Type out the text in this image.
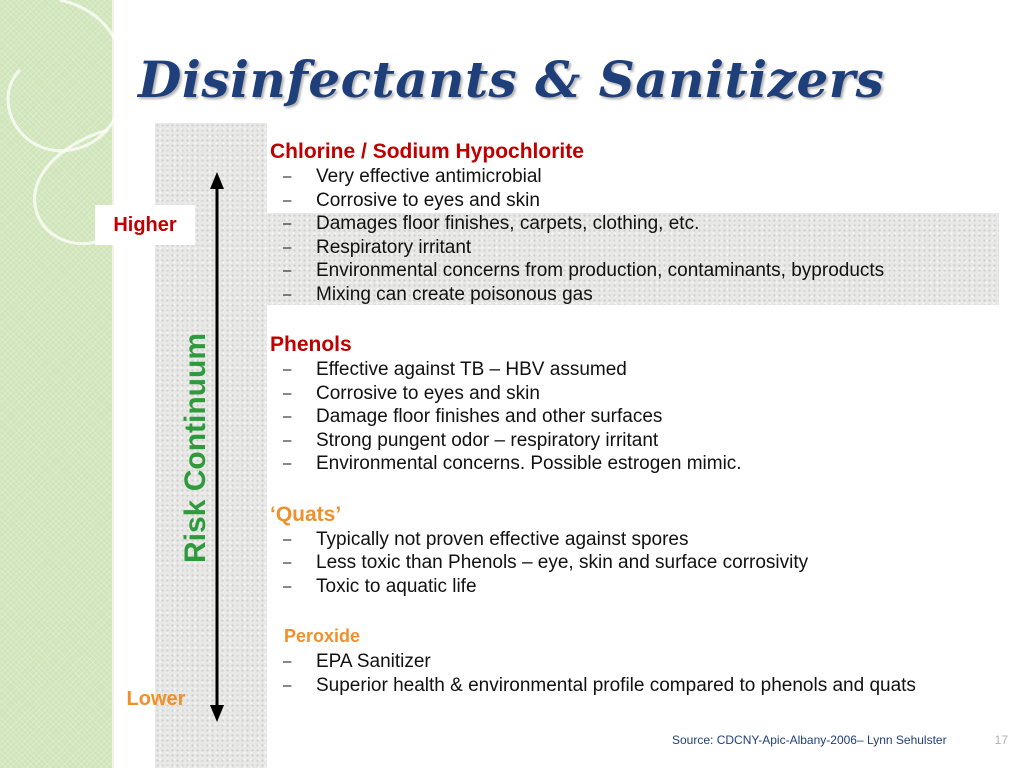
Disinfectants & Sanitizers
Higher
Lower
Risk Continuum
Chlorine / Sodium Hypochlorite
– Very effective antimicrobial
– Corrosive to eyes and skin
– Damages floor finishes, carpets, clothing, etc.
– Respiratory irritant
– Environmental concerns from production, contaminants, byproducts
– Mixing can create poisonous gas
Phenols
– Effective against TB – HBV assumed
– Corrosive to eyes and skin
– Damage floor finishes and other surfaces
– Strong pungent odor – respiratory irritant
– Environmental concerns. Possible estrogen mimic.
‘Quats’
– Typically not proven effective against spores
– Less toxic than Phenols – eye, skin and surface corrosivity
– Toxic to aquatic life
Peroxide
– EPA Sanitizer
– Superior health & environmental profile compared to phenols and quats
17
Source: CDCNY-Apic-Albany-2006– Lynn Sehulster
